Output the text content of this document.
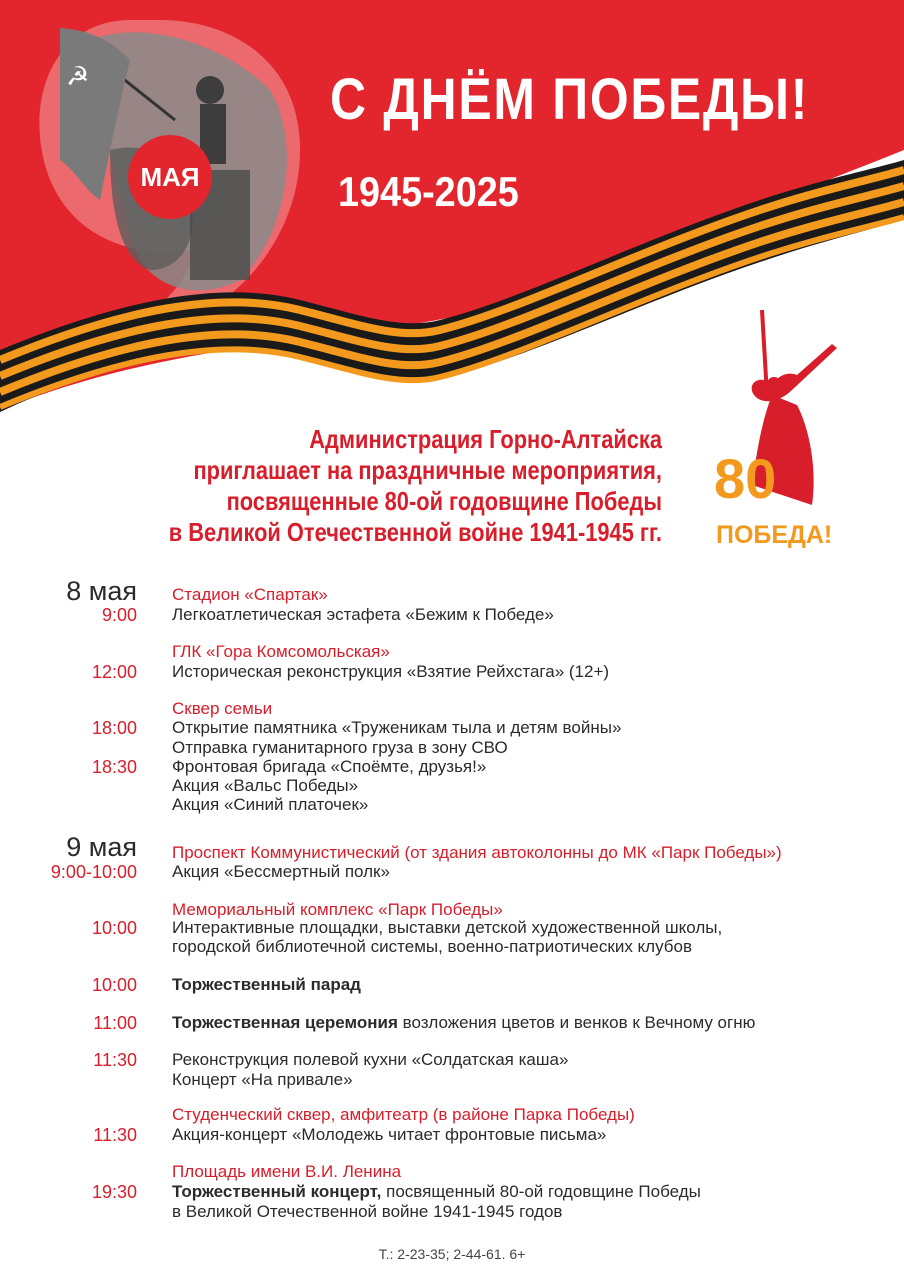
☭
МАЯ
С ДНЁМ ПОБЕДЫ!
1945-2025
Администрация Горно-Алтайска
приглашает на праздничные мероприятия,
посвященные 80-ой годовщине Победы
в Великой Отечественной войне 1941-1945 гг.
80
ПОБЕДА!
8 мая Стадион «Спартак»
9:00 Легкоатлетическая эстафета «Бежим к Победе»
ГЛК «Гора Комсомольская»
12:00 Историческая реконструкция «Взятие Рейхстага» (12+)
Сквер семьи
18:00 Открытие памятника «Труженикам тыла и детям войны»
Отправка гуманитарного груза в зону СВО
18:30 Фронтовая бригада «Споёмте, друзья!»
Акция «Вальс Победы»
Акция «Синий платочек»
9 мая Проспект Коммунистический (от здания автоколонны до МК «Парк Победы»)
9:00-10:00 Акция «Бессмертный полк»
Мемориальный комплекс «Парк Победы»
10:00 Интерактивные площадки, выставки детской художественной школы,
городской библиотечной системы, военно-патриотических клубов
10:00 Торжественный парад
11:00 Торжественная церемония возложения цветов и венков к Вечному огню
11:30 Реконструкция полевой кухни «Солдатская каша»
Концерт «На привале»
Студенческий сквер, амфитеатр (в районе Парка Победы)
11:30 Акция-концерт «Молодежь читает фронтовые письма»
Площадь имени В.И. Ленина
19:30 Торжественный концерт, посвященный 80-ой годовщине Победы
в Великой Отечественной войне 1941-1945 годов
Т.: 2-23-35; 2-44-61. 6+
